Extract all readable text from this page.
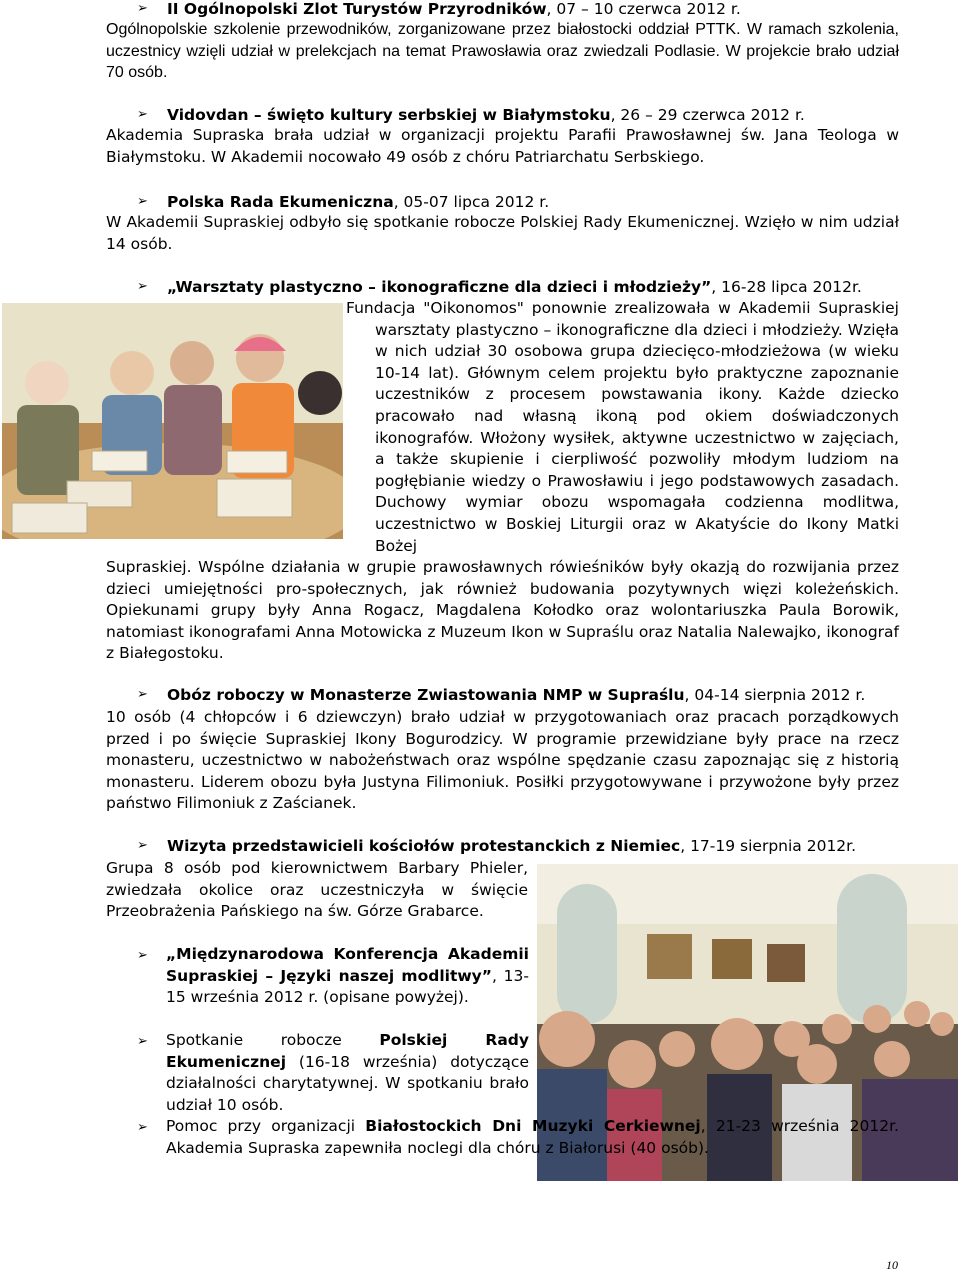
➢ II Ogólnopolski Zlot Turystów Przyrodników, 07 – 10 czerwca 2012 r.
Ogólnopolskie szkolenie przewodników, zorganizowane przez białostocki oddział PTTK. W ramach szkolenia, uczestnicy wzięli udział w prelekcjach na temat Prawosławia oraz zwiedzali Podlasie. W projekcie brało udział 70 osób.
➢ Vidovdan – święto kultury serbskiej w Białymstoku, 26 – 29 czerwca 2012 r.
Akademia Supraska brała udział w organizacji projektu Parafii Prawosławnej św. Jana Teologa w Białymstoku. W Akademii nocowało 49 osób z chóru Patriarchatu Serbskiego.
➢ Polska Rada Ekumeniczna, 05-07 lipca 2012 r.
W Akademii Supraskiej odbyło się spotkanie robocze Polskiej Rady Ekumenicznej. Wzięło w nim udział 14 osób.
➢ „Warsztaty plastyczno – ikonograficzne dla dzieci i młodzieży”, 16-28 lipca 2012r.
Fundacja "Oikonomos" ponownie zrealizowała w Akademii Supraskiej warsztaty plastyczno – ikonograficzne dla dzieci i młodzieży. Wzięła w nich udział 30 osobowa grupa dziecięco-młodzieżowa (w wieku 10-14 lat). Głównym celem projektu było praktyczne zapoznanie uczestników z procesem powstawania ikony. Każde dziecko pracowało nad własną ikoną pod okiem doświadczonych ikonografów. Włożony wysiłek, aktywne uczestnictwo w zajęciach, a także skupienie i cierpliwość pozwoliły młodym ludziom na pogłębianie wiedzy o Prawosławiu i jego podstawowych zasadach. Duchowy wymiar obozu wspomagała codzienna modlitwa, uczestnictwo w Boskiej Liturgii oraz w Akatyście do Ikony Matki Bożej
Supraskiej. Wspólne działania w grupie prawosławnych rówieśników były okazją do rozwijania przez dzieci umiejętności pro-społecznych, jak również budowania pozytywnych więzi koleżeńskich. Opiekunami grupy były Anna Rogacz, Magdalena Kołodko oraz wolontariuszka Paula Borowik, natomiast ikonografami Anna Motowicka z Muzeum Ikon w Supraślu oraz Natalia Nalewajko, ikonograf z Białegostoku.
➢ Obóz roboczy w Monasterze Zwiastowania NMP w Supraślu, 04-14 sierpnia 2012 r.
10 osób (4 chłopców i 6 dziewczyn) brało udział w przygotowaniach oraz pracach porządkowych przed i po święcie Supraskiej Ikony Bogurodzicy. W programie przewidziane były prace na rzecz monasteru, uczestnictwo w nabożeństwach oraz wspólne spędzanie czasu zapoznając się z historią monasteru. Liderem obozu była Justyna Filimoniuk. Posiłki przygotowywane i przywożone były przez państwo Filimoniuk z Zaścianek.
➢ Wizyta przedstawicieli kościołów protestanckich z Niemiec, 17-19 sierpnia 2012r.
Grupa 8 osób pod kierownictwem Barbary Phieler, zwiedzała okolice oraz uczestniczyła w święcie Przeobrażenia Pańskiego na św. Górze Grabarce.
➢ „Międzynarodowa Konferencja Akademii Supraskiej – Języki naszej modlitwy”, 13-15 września 2012 r. (opisane powyżej).
➢ Spotkanie robocze Polskiej Rady Ekumenicznej (16-18 września) dotyczące działalności charytatywnej. W spotkaniu brało udział 10 osób.
➢ Pomoc przy organizacji Białostockich Dni Muzyki Cerkiewnej, 21-23 września 2012r. Akademia Supraska zapewniła noclegi dla chóru z Białorusi (40 osób).
10
